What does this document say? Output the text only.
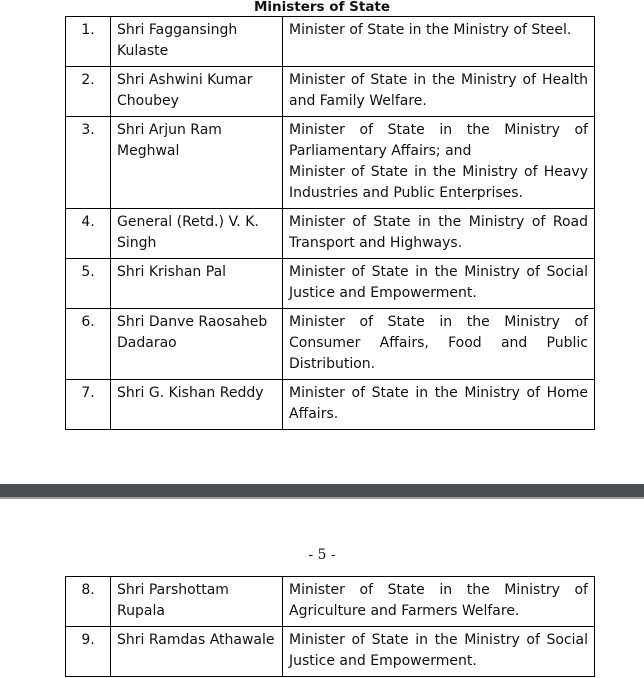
Ministers of State
1.	Shri Faggansingh Kulaste	Minister of State in the Ministry of Steel.

2.	Shri Ashwini Kumar Choubey	Minister of State in the Ministry of Health and Family Welfare.

3.	Shri Arjun Ram Meghwal	Minister of State in the Ministry of Parliamentary Affairs; and
Minister of State in the Ministry of Heavy Industries and Public Enterprises.

4.	General (Retd.) V. K. Singh	Minister of State in the Ministry of Road Transport and Highways.

5.	Shri Krishan Pal	Minister of State in the Ministry of Social Justice and Empowerment.

6.	Shri Danve Raosaheb Dadarao	Minister of State in the Ministry of Consumer Affairs, Food and Public Distribution.

7.	Shri G. Kishan Reddy	Minister of State in the Ministry of Home Affairs.
- 5 -
8.	Shri Parshottam Rupala	Minister of State in the Ministry of Agriculture and Farmers Welfare.

9.	Shri Ramdas Athawale	Minister of State in the Ministry of Social Justice and Empowerment.
